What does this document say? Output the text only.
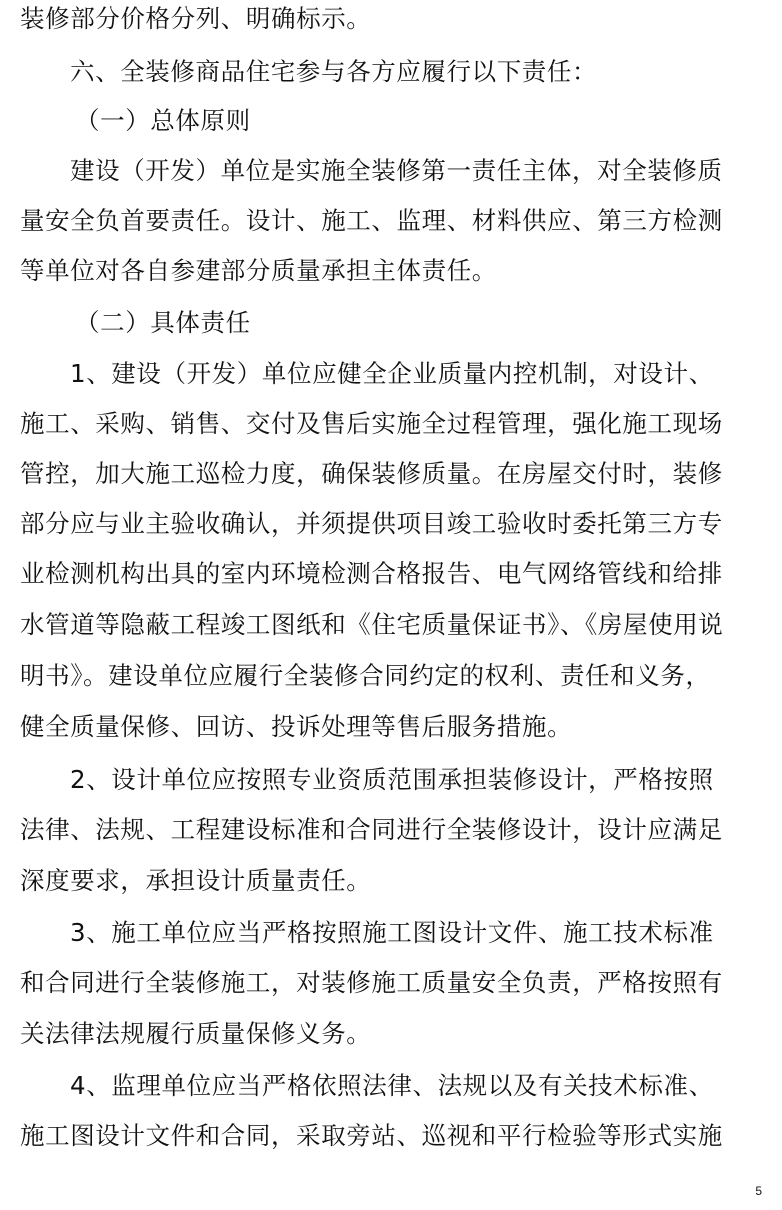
装修部分价格分列、明确标示。
六、全装修商品住宅参与各方应履行以下责任：
（一）总体原则
建设（开发）单位是实施全装修第一责任主体，对全装修质
量安全负首要责任。设计、施工、监理、材料供应、第三方检测
等单位对各自参建部分质量承担主体责任。
（二）具体责任
1、建设（开发）单位应健全企业质量内控机制，对设计、
施工、采购、销售、交付及售后实施全过程管理，强化施工现场
管控，加大施工巡检力度，确保装修质量。在房屋交付时，装修
部分应与业主验收确认，并须提供项目竣工验收时委托第三方专
业检测机构出具的室内环境检测合格报告、电气网络管线和给排
水管道等隐蔽工程竣工图纸和《住宅质量保证书》、《房屋使用说
明书》。建设单位应履行全装修合同约定的权利、责任和义务，
健全质量保修、回访、投诉处理等售后服务措施。
2、设计单位应按照专业资质范围承担装修设计，严格按照
法律、法规、工程建设标准和合同进行全装修设计，设计应满足
深度要求，承担设计质量责任。
3、施工单位应当严格按照施工图设计文件、施工技术标准
和合同进行全装修施工，对装修施工质量安全负责，严格按照有
关法律法规履行质量保修义务。
4、监理单位应当严格依照法律、法规以及有关技术标准、
施工图设计文件和合同，采取旁站、巡视和平行检验等形式实施
5
